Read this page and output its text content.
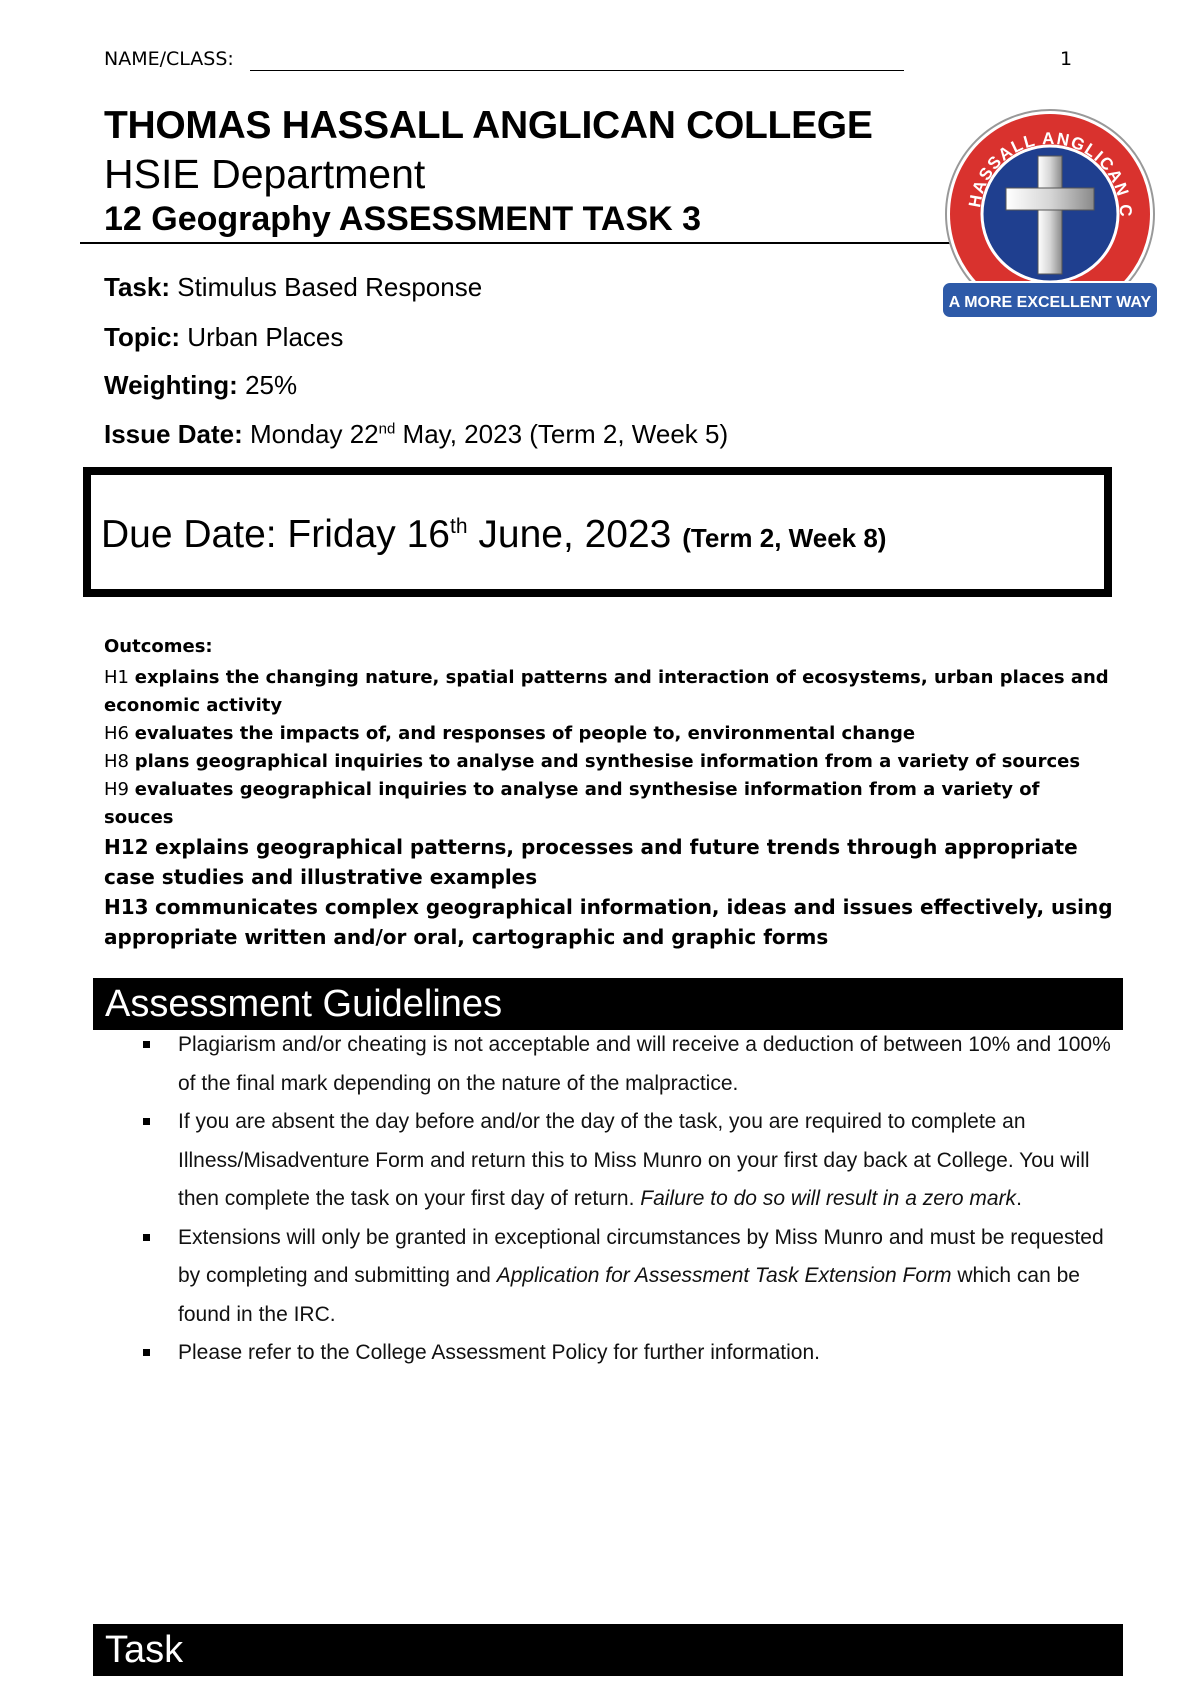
NAME/CLASS:	1
THOMAS HASSALL ANGLICAN COLLEGE
HSIE Department
12 Geography ASSESSMENT TASK 3	HASSALL ANGLICAN C
A MORE EXCELLENT WAY
Task: Stimulus Based Response
Topic: Urban Places
Weighting: 25%
Issue Date: Monday 22nd May, 2023 (Term 2, Week 5)
Due Date: Friday 16th June, 2023 (Term 2, Week 8)
Outcomes:

H1 explains the changing nature, spatial patterns and interaction of ecosystems, urban places and economic activity

H6 evaluates the impacts of, and responses of people to, environmental change

H8 plans geographical inquiries to analyse and synthesise information from a variety of sources

H9 evaluates geographical inquiries to analyse and synthesise information from a variety of souces

H12 explains geographical patterns, processes and future trends through appropriate case studies and illustrative examples

H13 communicates complex geographical information, ideas and issues effectively, using appropriate written and/or oral, cartographic and graphic forms

Assessment Guidelines
Plagiarism and/or cheating is not acceptable and will receive a deduction of between 10% and 100% of the final mark depending on the nature of the malpractice.
If you are absent the day before and/or the day of the task, you are required to complete an Illness/Misadventure Form and return this to Miss Munro on your first day back at College. You will then complete the task on your first day of return. Failure to do so will result in a zero mark.
Extensions will only be granted in exceptional circumstances by Miss Munro and must be requested by completing and submitting and Application for Assessment Task Extension Form which can be found in the IRC.
Please refer to the College Assessment Policy for further information.
Task
